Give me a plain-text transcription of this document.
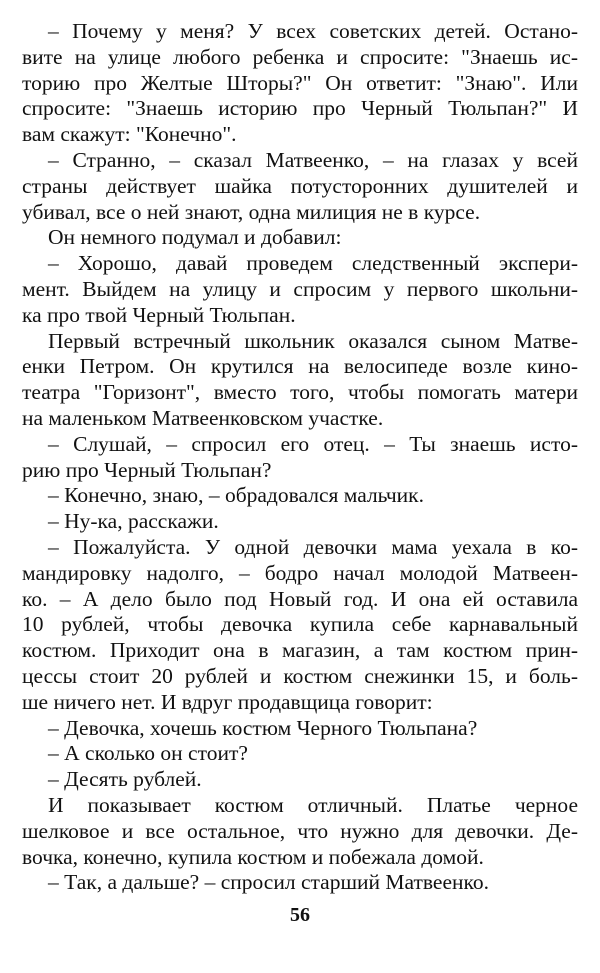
– Почему у меня? У всех советских детей. Остано-
вите на улице любого ребенка и спросите: "Знаешь ис-
торию про Желтые Шторы?" Он ответит: "Знаю". Или
спросите: "Знаешь историю про Черный Тюльпан?" И
вам скажут: "Конечно".
– Странно, – сказал Матвеенко, – на глазах у всей
страны действует шайка потусторонних душителей и
убивал, все о ней знают, одна милиция не в курсе.
Он немного подумал и добавил:
– Хорошо, давай проведем следственный экспери-
мент. Выйдем на улицу и спросим у первого школьни-
ка про твой Черный Тюльпан.
Первый встречный школьник оказался сыном Матве-
енки Петром. Он крутился на велосипеде возле кино-
театра "Горизонт", вместо того, чтобы помогать матери
на маленьком Матвеенковском участке.
– Слушай, – спросил его отец. – Ты знаешь исто-
рию про Черный Тюльпан?
– Конечно, знаю, – обрадовался мальчик.
– Ну-ка, расскажи.
– Пожалуйста. У одной девочки мама уехала в ко-
мандировку надолго, – бодро начал молодой Матвеен-
ко. – А дело было под Новый год. И она ей оставила
10 рублей, чтобы девочка купила себе карнавальный
костюм. Приходит она в магазин, а там костюм прин-
цессы стоит 20 рублей и костюм снежинки 15, и боль-
ше ничего нет. И вдруг продавщица говорит:
– Девочка, хочешь костюм Черного Тюльпана?
– А сколько он стоит?
– Десять рублей.
И показывает костюм отличный. Платье черное
шелковое и все остальное, что нужно для девочки. Де-
вочка, конечно, купила костюм и побежала домой.
– Так, а дальше? – спросил старший Матвеенко.
56
